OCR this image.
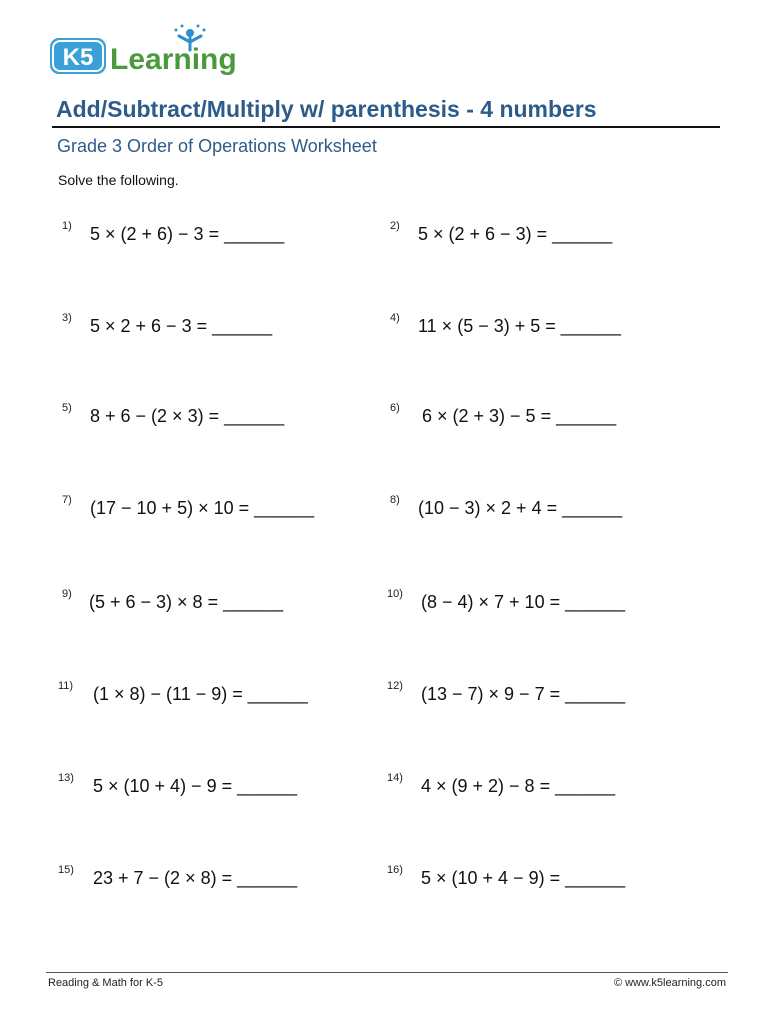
K5 Learning
Add/Subtract/Multiply w/ parenthesis - 4 numbers
Grade 3 Order of Operations Worksheet
Solve the following.
1) 5 × (2 + 6) − 3 = ______
3) 5 × 2 + 6 − 3 = ______
5) 8 + 6 − (2 × 3) = ______
7) (17 − 10 + 5) × 10 = ______
9) (5 + 6 − 3) × 8 = ______
11) (1 × 8) − (11 − 9) = ______
13) 5 × (10 + 4) − 9 = ______
15) 23 + 7 − (2 × 8) = ______
2) 5 × (2 + 6 − 3) = ______
4) 11 × (5 − 3) + 5 = ______
6) 6 × (2 + 3) − 5 = ______
8) (10 − 3) × 2 + 4 = ______
10) (8 − 4) × 7 + 10 = ______
12) (13 − 7) × 9 − 7 = ______
14) 4 × (9 + 2) − 8 = ______
16) 5 × (10 + 4 − 9) = ______
Reading & Math for K-5	© www.k5learning.com
